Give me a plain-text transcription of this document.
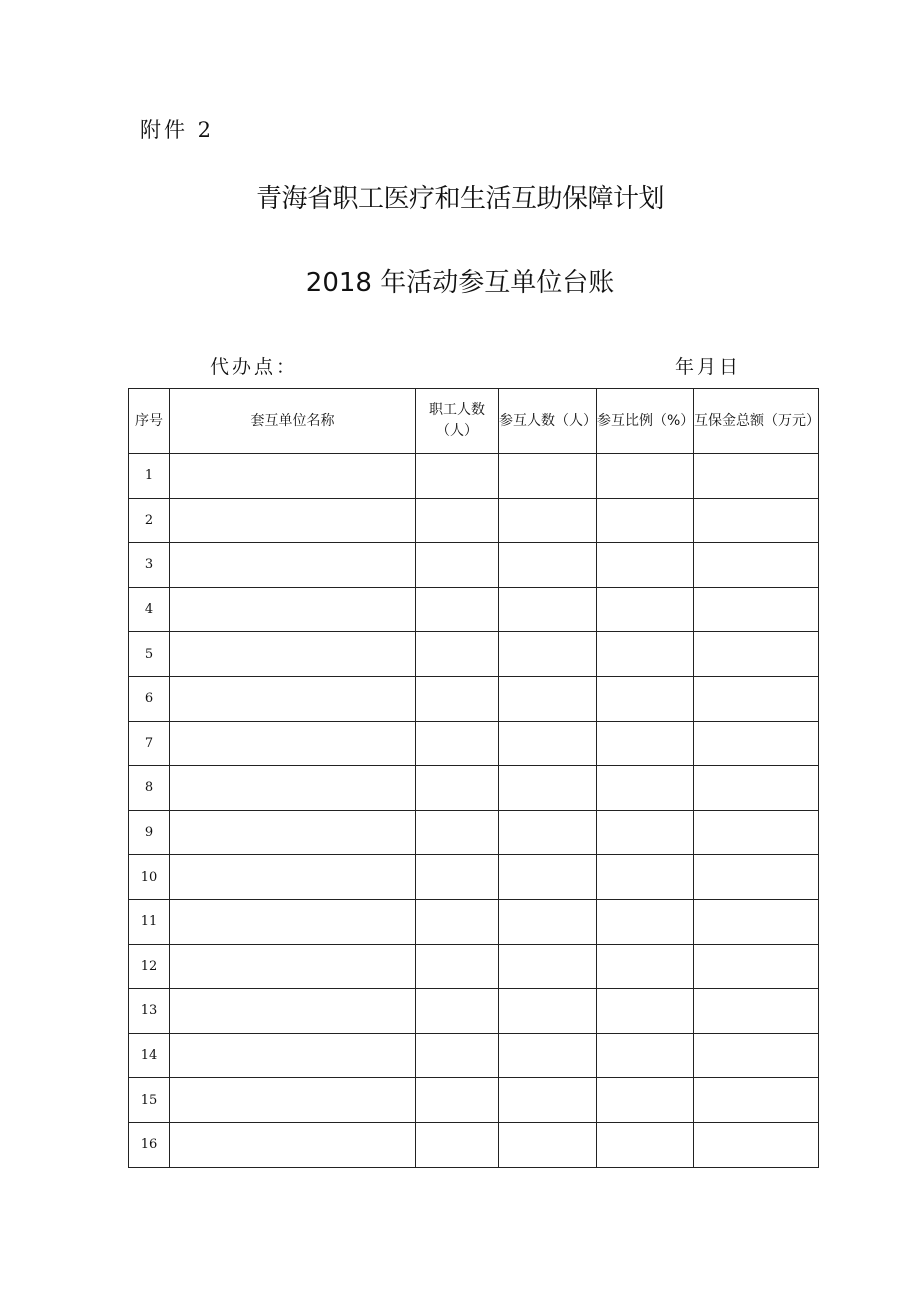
附件 2
青海省职工医疗和生活互助保障计划
2018 年活动参互单位台账
代办点：	年月日
序号	套互单位名称	职工人数（人）	参互人数（人）	参互比例（%）	互保金总额（万元）
1					
2					
3					
4					
5					
6					
7					
8					
9					
10					
11					
12					
13					
14					
15					
16					
